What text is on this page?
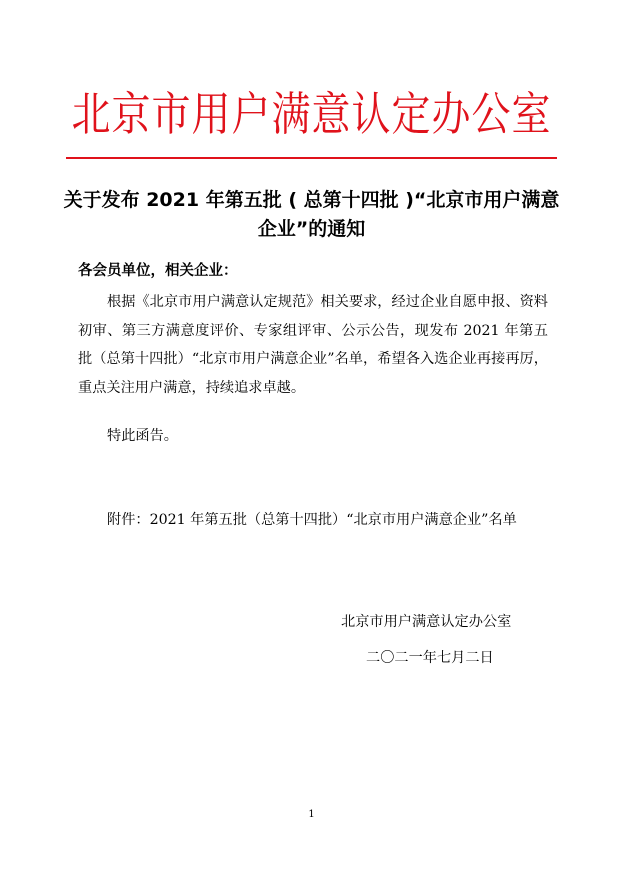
北京市用户满意认定办公室
关于发布 2021 年第五批 ( 总第十四批 )“北京市用户满意企业”的通知
各会员单位，相关企业：
根据《北京市用户满意认定规范》相关要求，经过企业自愿申报、资料初审、第三方满意度评价、专家组评审、公示公告，现发布 2021 年第五批（总第十四批）“北京市用户满意企业”名单，希望各入选企业再接再厉，重点关注用户满意，持续追求卓越。
特此函告。
附件：2021 年第五批（总第十四批）“北京市用户满意企业”名单
北京市用户满意认定办公室
二〇二一年七月二日
1
